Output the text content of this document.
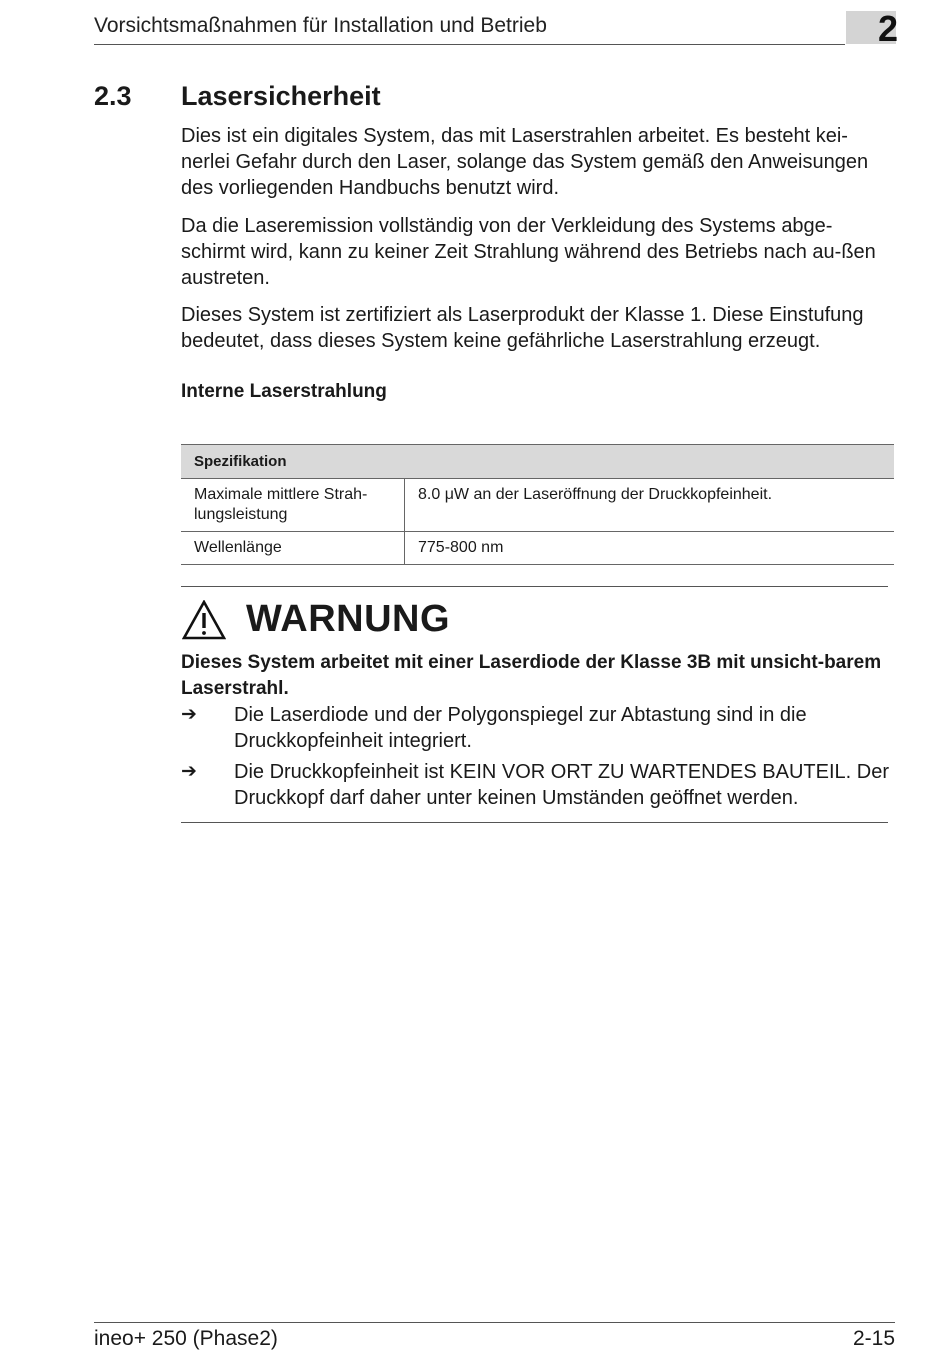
Vorsichtsmaßnahmen für Installation und Betrieb	2
2.3 Lasersicherheit

Dies ist ein digitales System, das mit Laserstrahlen arbeitet. Es besteht kei-nerlei Gefahr durch den Laser, solange das System gemäß den Anweisungen des vorliegenden Handbuchs benutzt wird.

Da die Laseremission vollständig von der Verkleidung des Systems abge-schirmt wird, kann zu keiner Zeit Strahlung während des Betriebs nach au-ßen austreten.

Dieses System ist zertifiziert als Laserprodukt der Klasse 1. Diese Einstufung bedeutet, dass dieses System keine gefährliche Laserstrahlung erzeugt.

Interne Laserstrahlung
Spezifikation	
Maximale mittlere Strah-lungsleistung	8.0 μW an der Laseröffnung der Druckkopfeinheit.
Wellenlänge	775-800 nm
WARNUNG
Dieses System arbeitet mit einer Laserdiode der Klasse 3B mit unsicht-barem Laserstrahl.
➔ Die Laserdiode und der Polygonspiegel zur Abtastung sind in die Druckkopfeinheit integriert.
➔ Die Druckkopfeinheit ist KEIN VOR ORT ZU WARTENDES BAUTEIL. Der Druckkopf darf daher unter keinen Umständen geöffnet werden.
ineo+ 250 (Phase2)	2-15
